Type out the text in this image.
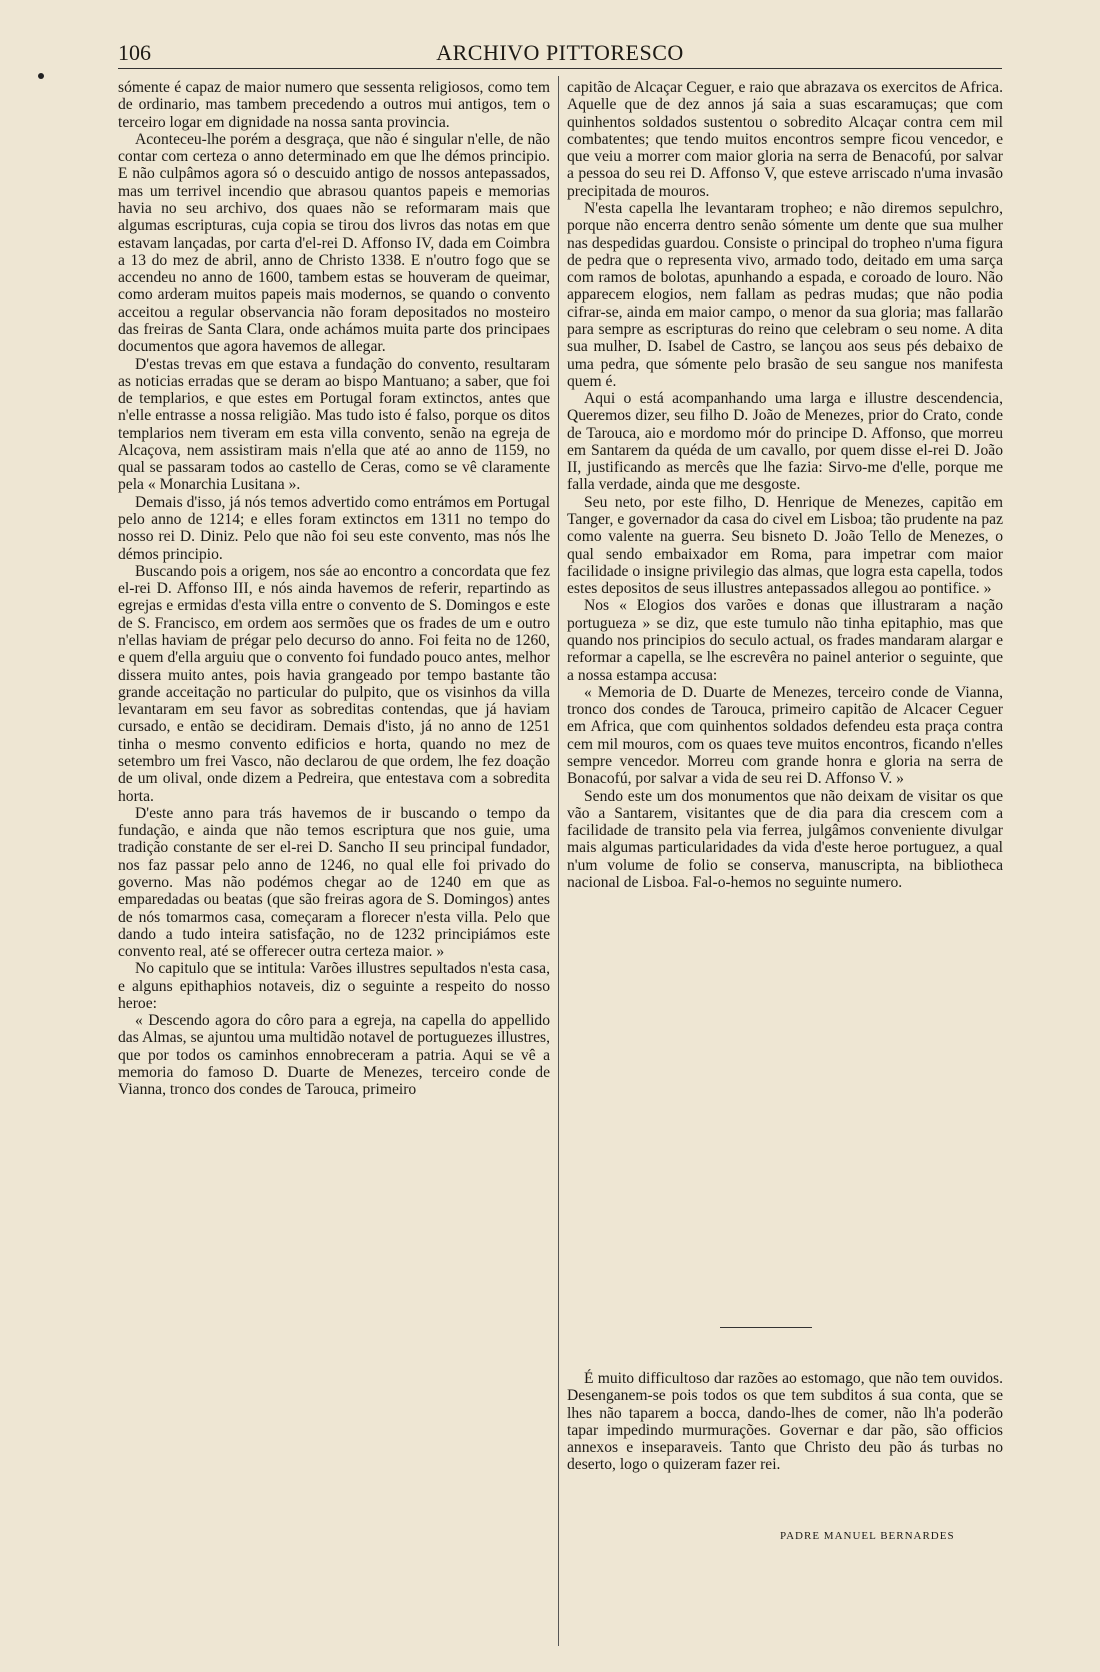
106	ARCHIVO PITTORESCO

sómente é capaz de maior numero que sessenta religiosos, como tem de ordinario, mas tambem precedendo a outros mui antigos, tem o terceiro logar em dignidade na nossa santa provincia.

Aconteceu-lhe porém a desgraça, que não é singular n'elle, de não contar com certeza o anno determinado em que lhe démos principio. E não culpâmos agora só o descuido antigo de nossos antepassados, mas um terrivel incendio que abrasou quantos papeis e memorias havia no seu archivo, dos quaes não se reformaram mais que algumas escripturas, cuja copia se tirou dos livros das notas em que estavam lançadas, por carta d'el-rei D. Affonso IV, dada em Coimbra a 13 do mez de abril, anno de Christo 1338. E n'outro fogo que se accendeu no anno de 1600, tambem estas se houveram de queimar, como arderam muitos papeis mais modernos, se quando o convento acceitou a regular observancia não foram depositados no mosteiro das freiras de Santa Clara, onde achámos muita parte dos principaes documentos que agora havemos de allegar.

D'estas trevas em que estava a fundação do convento, resultaram as noticias erradas que se deram ao bispo Mantuano; a saber, que foi de templarios, e que estes em Portugal foram extinctos, antes que n'elle entrasse a nossa religião. Mas tudo isto é falso, porque os ditos templarios nem tiveram em esta villa convento, senão na egreja de Alcaçova, nem assistiram mais n'ella que até ao anno de 1159, no qual se passaram todos ao castello de Ceras, como se vê claramente pela « Monarchia Lusitana ».

Demais d'isso, já nós temos advertido como entrámos em Portugal pelo anno de 1214; e elles foram extinctos em 1311 no tempo do nosso rei D. Diniz. Pelo que não foi seu este convento, mas nós lhe démos principio.

Buscando pois a origem, nos sáe ao encontro a concordata que fez el-rei D. Affonso III, e nós ainda havemos de referir, repartindo as egrejas e ermidas d'esta villa entre o convento de S. Domingos e este de S. Francisco, em ordem aos sermões que os frades de um e outro n'ellas haviam de prégar pelo decurso do anno. Foi feita no de 1260, e quem d'ella arguiu que o convento foi fundado pouco antes, melhor dissera muito antes, pois havia grangeado por tempo bastante tão grande acceitação no particular do pulpito, que os visinhos da villa levantaram em seu favor as sobreditas contendas, que já haviam cursado, e então se decidiram. Demais d'isto, já no anno de 1251 tinha o mesmo convento edificios e horta, quando no mez de setembro um frei Vasco, não declarou de que ordem, lhe fez doação de um olival, onde dizem a Pedreira, que entestava com a sobredita horta.

D'este anno para trás havemos de ir buscando o tempo da fundação, e ainda que não temos escriptura que nos guie, uma tradição constante de ser el-rei D. Sancho II seu principal fundador, nos faz passar pelo anno de 1246, no qual elle foi privado do governo. Mas não podémos chegar ao de 1240 em que as emparedadas ou beatas (que são freiras agora de S. Domingos) antes de nós tomarmos casa, começaram a florecer n'esta villa. Pelo que dando a tudo inteira satisfação, no de 1232 principiámos este convento real, até se offerecer outra certeza maior. »

No capitulo que se intitula: Varões illustres sepultados n'esta casa, e alguns epithaphios notaveis, diz o seguinte a respeito do nosso heroe:

« Descendo agora do côro para a egreja, na capella do appellido das Almas, se ajuntou uma multidão notavel de portuguezes illustres, que por todos os caminhos ennobreceram a patria. Aqui se vê a memoria do famoso D. Duarte de Menezes, terceiro conde de Vianna, tronco dos condes de Tarouca, primeiro

capitão de Alcaçar Ceguer, e raio que abrazava os exercitos de Africa. Aquelle que de dez annos já saia a suas escaramuças; que com quinhentos soldados sustentou o sobredito Alcaçar contra cem mil combatentes; que tendo muitos encontros sempre ficou vencedor, e que veiu a morrer com maior gloria na serra de Benacofú, por salvar a pessoa do seu rei D. Affonso V, que esteve arriscado n'uma invasão precipitada de mouros.

N'esta capella lhe levantaram tropheo; e não diremos sepulchro, porque não encerra dentro senão sómente um dente que sua mulher nas despedidas guardou. Consiste o principal do tropheo n'uma figura de pedra que o representa vivo, armado todo, deitado em uma sarça com ramos de bolotas, apunhando a espada, e coroado de louro. Não apparecem elogios, nem fallam as pedras mudas; que não podia cifrar-se, ainda em maior campo, o menor da sua gloria; mas fallarão para sempre as escripturas do reino que celebram o seu nome. A dita sua mulher, D. Isabel de Castro, se lançou aos seus pés debaixo de uma pedra, que sómente pelo brasão de seu sangue nos manifesta quem é.

Aqui o está acompanhando uma larga e illustre descendencia, Queremos dizer, seu filho D. João de Menezes, prior do Crato, conde de Tarouca, aio e mordomo mór do principe D. Affonso, que morreu em Santarem da quéda de um cavallo, por quem disse el-rei D. João II, justificando as mercês que lhe fazia: Sirvo-me d'elle, porque me falla verdade, ainda que me desgoste.

Seu neto, por este filho, D. Henrique de Menezes, capitão em Tanger, e governador da casa do civel em Lisboa; tão prudente na paz como valente na guerra. Seu bisneto D. João Tello de Menezes, o qual sendo embaixador em Roma, para impetrar com maior facilidade o insigne privilegio das almas, que logra esta capella, todos estes depositos de seus illustres antepassados allegou ao pontifice. »

Nos « Elogios dos varões e donas que illustraram a nação portugueza » se diz, que este tumulo não tinha epitaphio, mas que quando nos principios do seculo actual, os frades mandaram alargar e reformar a capella, se lhe escrevêra no painel anterior o seguinte, que a nossa estampa accusa:

« Memoria de D. Duarte de Menezes, terceiro conde de Vianna, tronco dos condes de Tarouca, primeiro capitão de Alcacer Ceguer em Africa, que com quinhentos soldados defendeu esta praça contra cem mil mouros, com os quaes teve muitos encontros, ficando n'elles sempre vencedor. Morreu com grande honra e gloria na serra de Bonacofú, por salvar a vida de seu rei D. Affonso V. »

Sendo este um dos monumentos que não deixam de visitar os que vão a Santarem, visitantes que de dia para dia crescem com a facilidade de transito pela via ferrea, julgâmos conveniente divulgar mais algumas particularidades da vida d'este heroe portuguez, a qual n'um volume de folio se conserva, manuscripta, na bibliotheca nacional de Lisboa. Fal-o-hemos no seguinte numero.

É muito difficultoso dar razões ao estomago, que não tem ouvidos. Desenganem-se pois todos os que tem subditos á sua conta, que se lhes não taparem a bocca, dando-lhes de comer, não lh'a poderão tapar impedindo murmurações. Governar e dar pão, são officios annexos e inseparaveis. Tanto que Christo deu pão ás turbas no deserto, logo o quizeram fazer rei.

PADRE MANUEL BERNARDES
